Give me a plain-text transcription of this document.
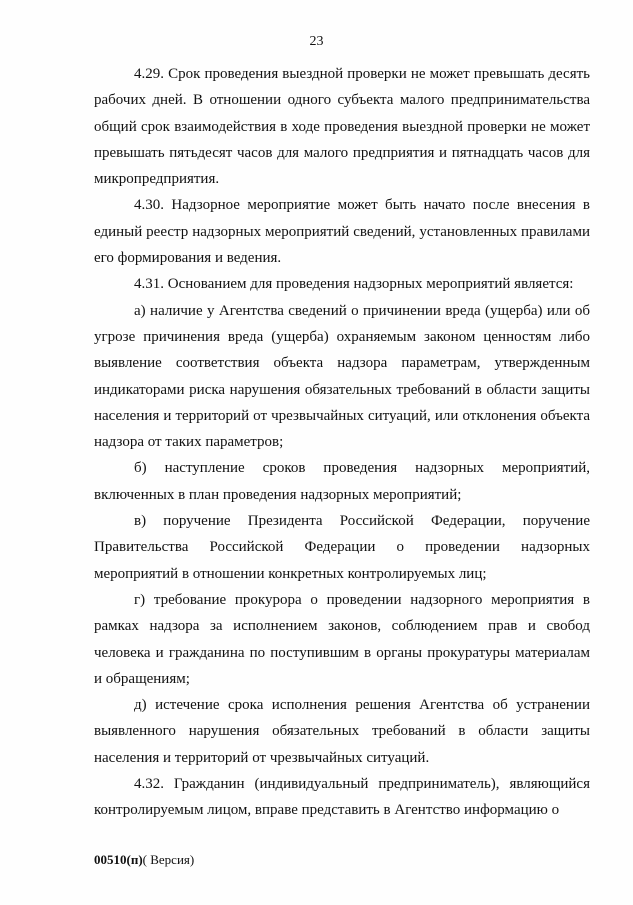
23

4.29. Срок проведения выездной проверки не может превышать десять рабочих дней. В отношении одного субъекта малого предпринимательства общий срок взаимодействия в ходе проведения выездной проверки не может превышать пятьдесят часов для малого предприятия и пятнадцать часов для микропредприятия.

4.30. Надзорное мероприятие может быть начато после внесения в единый реестр надзорных мероприятий сведений, установленных правилами его формирования и ведения.

4.31. Основанием для проведения надзорных мероприятий является:

а) наличие у Агентства сведений о причинении вреда (ущерба) или об угрозе причинения вреда (ущерба) охраняемым законом ценностям либо выявление соответствия объекта надзора параметрам, утвержденным индикаторами риска нарушения обязательных требований в области защиты населения и территорий от чрезвычайных ситуаций, или отклонения объекта надзора от таких параметров;

б) наступление сроков проведения надзорных мероприятий, включенных в план проведения надзорных мероприятий;

в) поручение Президента Российской Федерации, поручение Правительства Российской Федерации о проведении надзорных мероприятий в отношении конкретных контролируемых лиц;

г) требование прокурора о проведении надзорного мероприятия в рамках надзора за исполнением законов, соблюдением прав и свобод человека и гражданина по поступившим в органы прокуратуры материалам и обращениям;

д) истечение срока исполнения решения Агентства об устранении выявленного нарушения обязательных требований в области защиты населения и территорий от чрезвычайных ситуаций.

4.32. Гражданин (индивидуальный предприниматель), являющийся контролируемым лицом, вправе представить в Агентство информацию о

00510(п)( Версия)
